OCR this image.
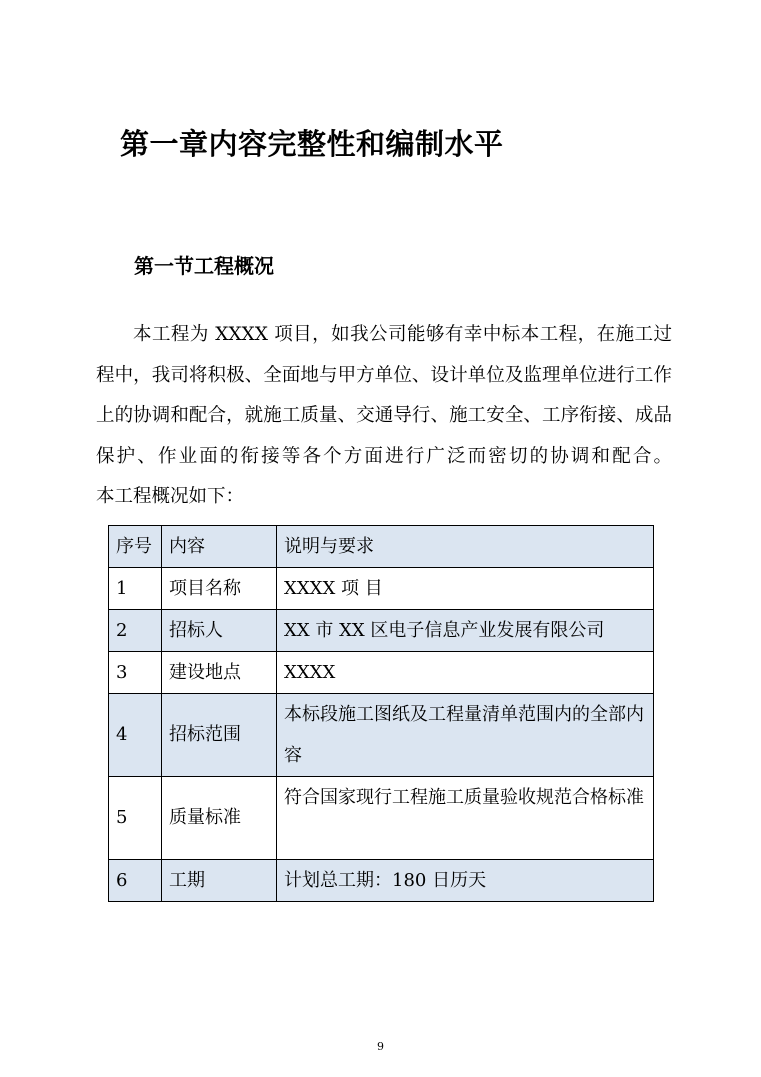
第一章内容完整性和编制水平
第一节工程概况

本工程为 XXXX 项目，如我公司能够有幸中标本工程，在施工过程中，我司将积极、全面地与甲方单位、设计单位及监理单位进行工作上的协调和配合，就施工质量、交通导行、施工安全、工序衔接、成品保护、作业面的衔接等各个方面进行广泛而密切的协调和配合。

本工程概况如下：

序号	内容	说明与要求
1	项目名称	XXXX 项 目
2	招标人	XX 市 XX 区电子信息产业发展有限公司
3	建设地点	XXXX
4	招标范围	本标段施工图纸及工程量清单范围内的全部内 容
5	质量标准	符合国家现行工程施工质量验收规范合格标准
6	工期	计划总工期：180 日历天

9
